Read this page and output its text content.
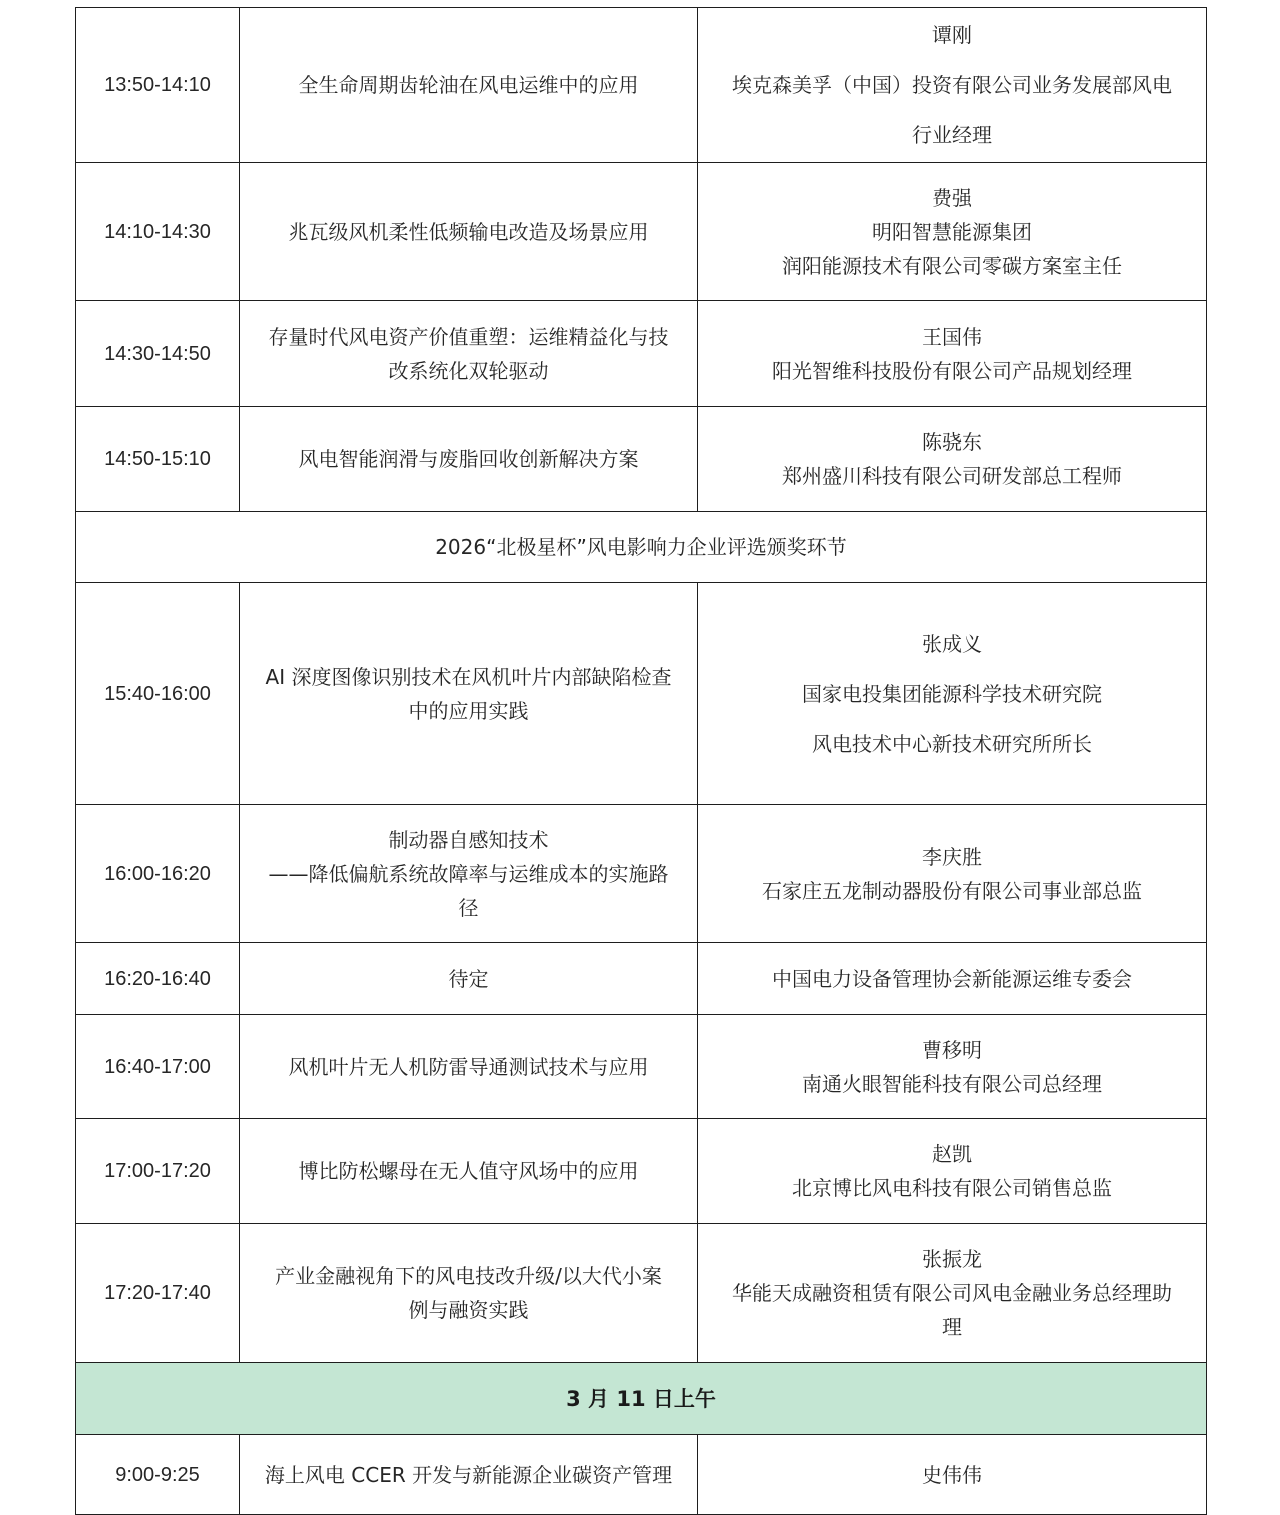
13:50-14:10	全生命周期齿轮油在风电运维中的应用	谭刚
埃克森美孚（中国）投资有限公司业务发展部风电
行业经理

14:10-14:30	兆瓦级风机柔性低频输电改造及场景应用	费强
明阳智慧能源集团
润阳能源技术有限公司零碳方案室主任

14:30-14:50	存量时代风电资产价值重塑：运维精益化与技
改系统化双轮驱动	王国伟
阳光智维科技股份有限公司产品规划经理

14:50-15:10	风电智能润滑与废脂回收创新解决方案	陈骁东
郑州盛川科技有限公司研发部总工程师

2026“北极星杯”风电影响力企业评选颁奖环节		
15:40-16:00	AI 深度图像识别技术在风机叶片内部缺陷检查
中的应用实践	张成义
国家电投集团能源科学技术研究院
风电技术中心新技术研究所所长

16:00-16:20	制动器自感知技术
——降低偏航系统故障率与运维成本的实施路
径	李庆胜
石家庄五龙制动器股份有限公司事业部总监

16:20-16:40	待定	中国电力设备管理协会新能源运维专委会

16:40-17:00	风机叶片无人机防雷导通测试技术与应用	曹移明
南通火眼智能科技有限公司总经理

17:00-17:20	博比防松螺母在无人值守风场中的应用	赵凯
北京博比风电科技有限公司销售总监

17:20-17:40	产业金融视角下的风电技改升级/以大代小案
例与融资实践	张振龙
华能天成融资租赁有限公司风电金融业务总经理助
理

3 月 11 日上午		
9:00-9:25	海上风电 CCER 开发与新能源企业碳资产管理	史伟伟
